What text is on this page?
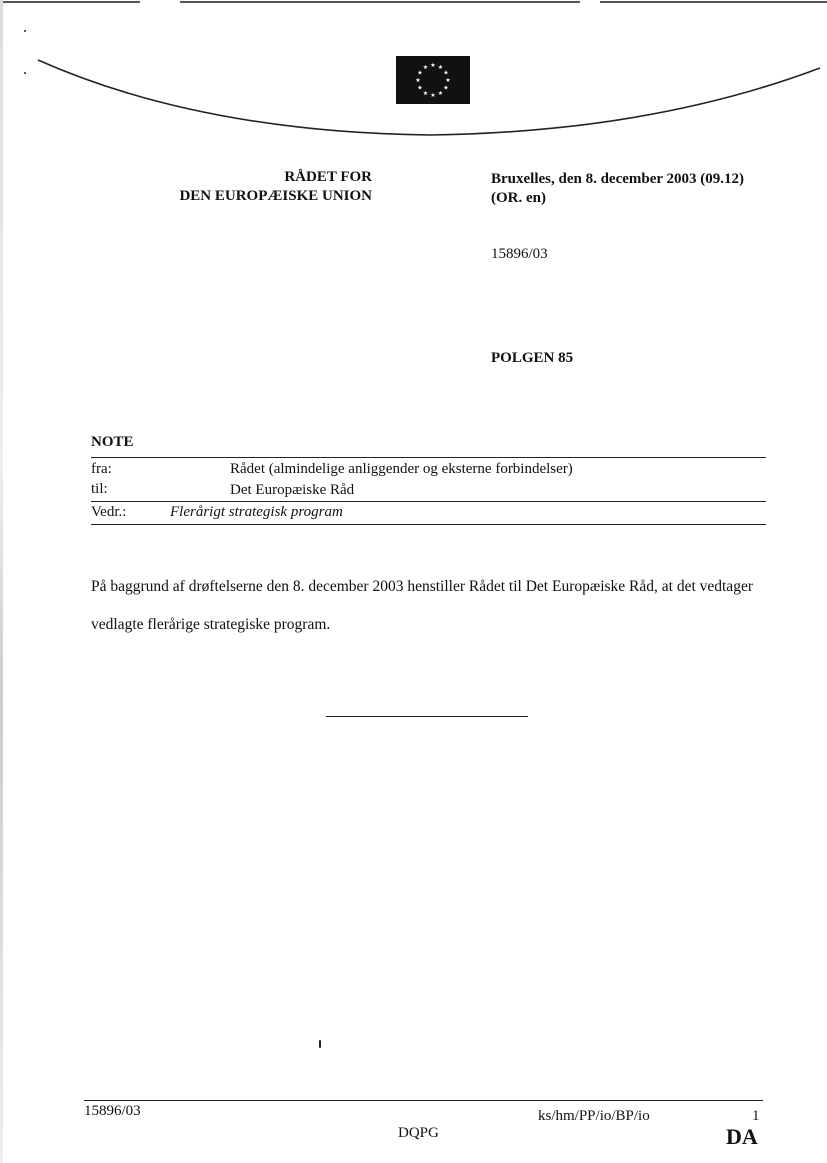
★ ★
★
★
★
★
★
★
★
★
★
★
RÅDET FOR
DEN EUROPÆISKE UNION
Bruxelles, den 8. december 2003 (09.12)
(OR. en)
15896/03
POLGEN 85
NOTE
fra:	Rådet (almindelige anliggender og eksterne forbindelser)
til:	Det Europæiske Råd
Vedr.:	Flerårigt strategisk program
På baggrund af drøftelserne den 8. december 2003 henstiller Rådet til Det Europæiske Råd, at det vedtager vedlagte flerårige strategiske program.
15896/03	ks/hm/PP/io/BP/io	1
DQPG	DA
